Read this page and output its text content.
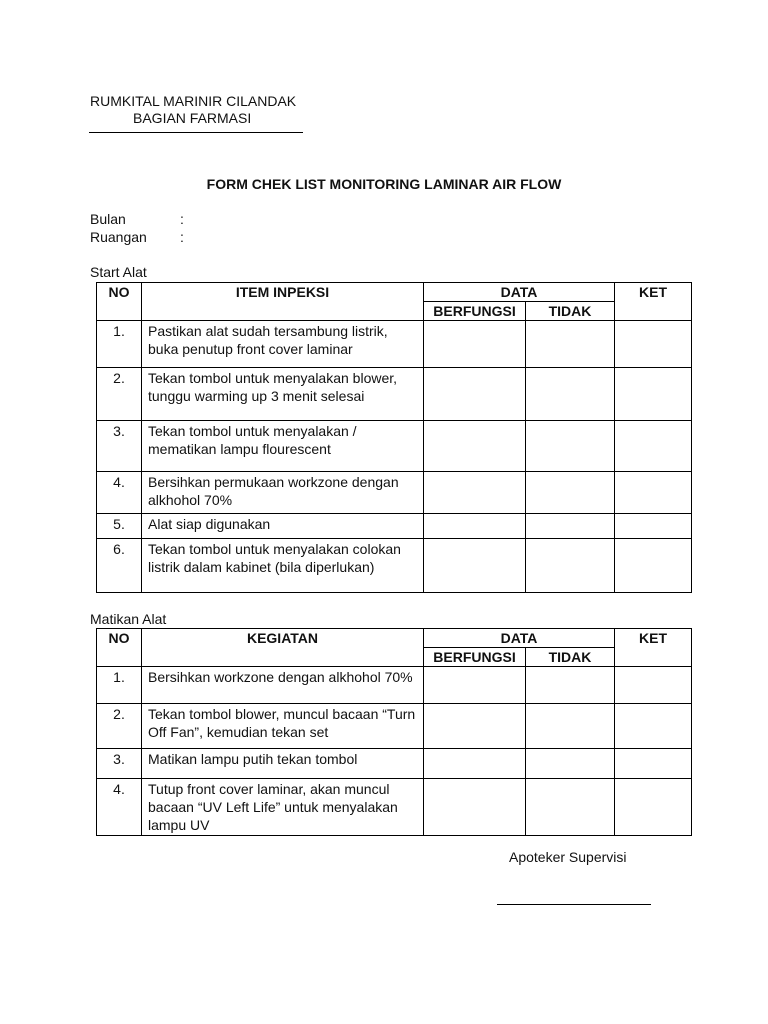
RUMKITAL MARINIR CILANDAK
BAGIAN FARMASI
FORM CHEK LIST MONITORING LAMINAR AIR FLOW
Bulan	:
Ruangan :
Start Alat
NO	ITEM INPEKSI	DATA		KET
		BERFUNGSI	TIDAK	
1.	Pastikan alat sudah tersambung listrik, buka penutup front cover laminar			
2.	Tekan tombol untuk menyalakan blower, tunggu warming up 3 menit selesai			
3.	Tekan tombol untuk menyalakan / mematikan lampu flourescent			
4.	Bersihkan permukaan workzone dengan alkhohol 70%			
5.	Alat siap digunakan			
6.	Tekan tombol untuk menyalakan colokan listrik dalam kabinet (bila diperlukan)			
Matikan Alat
NO	KEGIATAN	DATA		KET
		BERFUNGSI	TIDAK	
1.	Bersihkan workzone dengan alkhohol 70%			
2.	Tekan tombol blower, muncul bacaan “Turn Off Fan”, kemudian tekan set			
3.	Matikan lampu putih tekan tombol			
4.	Tutup front cover laminar, akan muncul bacaan “UV Left Life” untuk menyalakan lampu UV			
Apoteker Supervisi
